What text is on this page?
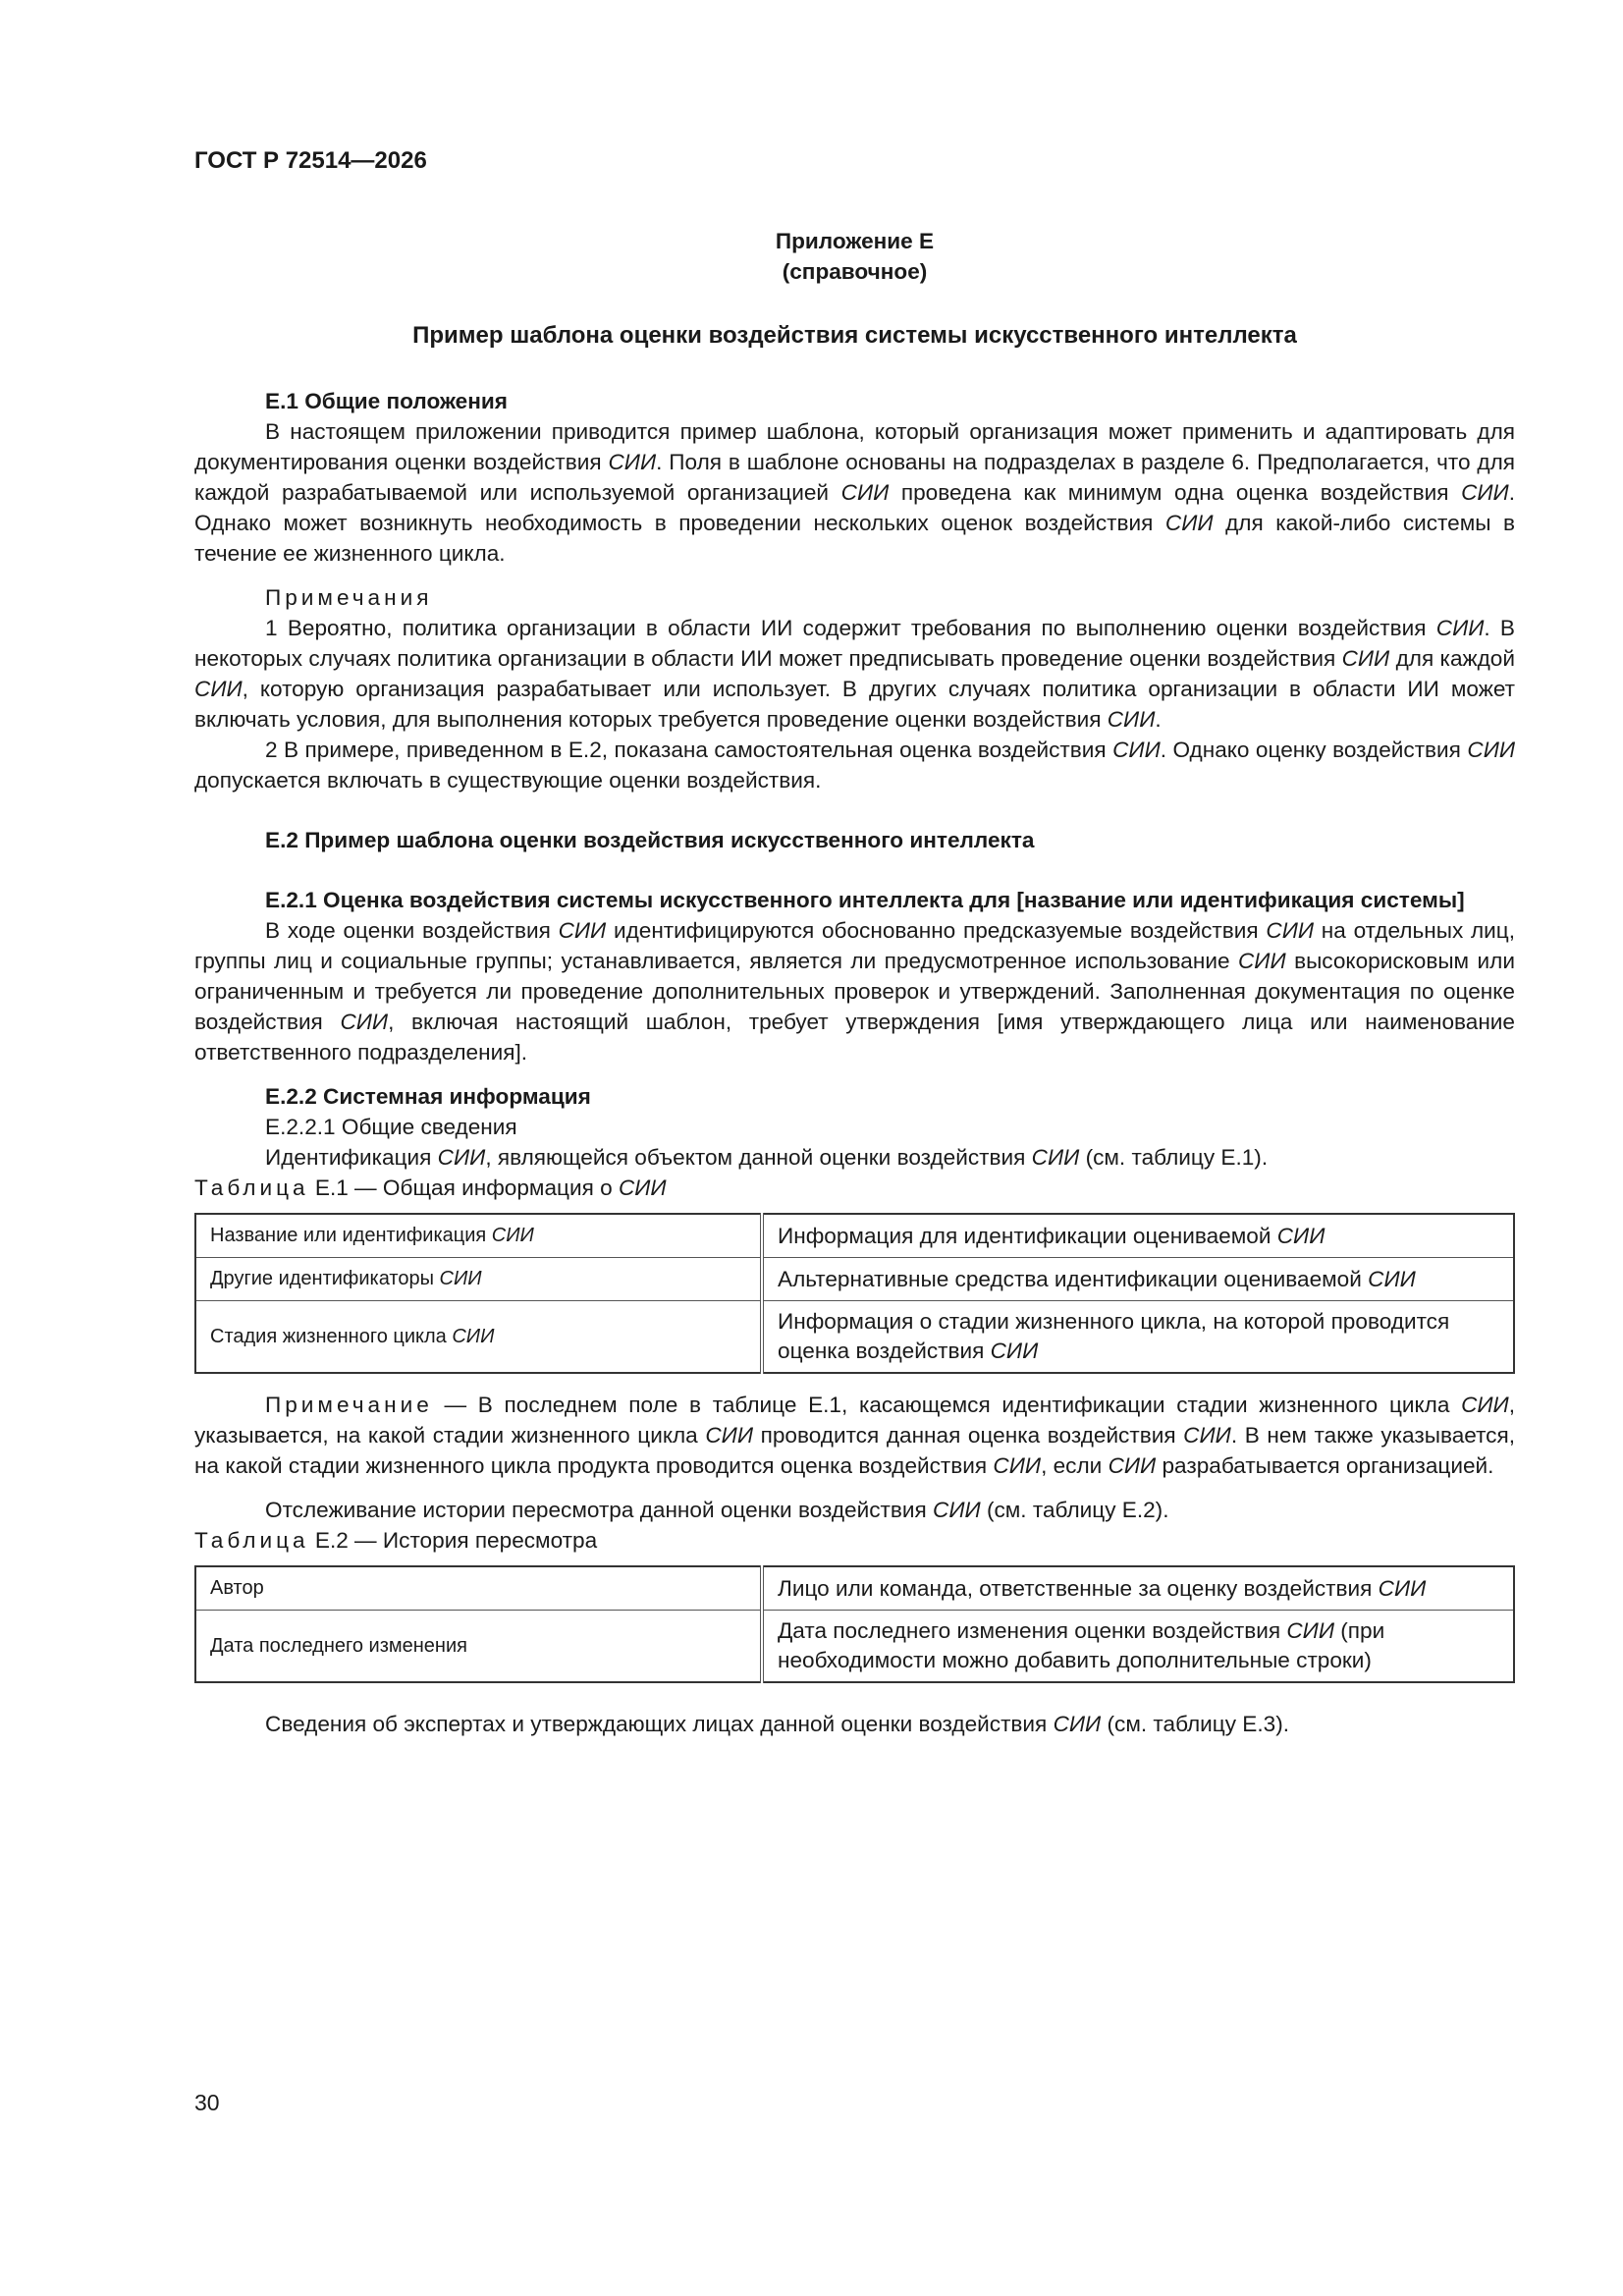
ГОСТ Р 72514—2026

Приложение Е

(справочное)

Пример шаблона оценки воздействия системы искусственного интеллекта

Е.1 Общие положения

В настоящем приложении приводится пример шаблона, который организация может применить и адаптировать для документирования оценки воздействия СИИ. Поля в шаблоне основаны на подразделах в разделе 6. Предполагается, что для каждой разрабатываемой или используемой организацией СИИ проведена как минимум одна оценка воздействия СИИ. Однако может возникнуть необходимость в проведении нескольких оценок воздействия СИИ для какой-либо системы в течение ее жизненного цикла.

Примечания

1 Вероятно, политика организации в области ИИ содержит требования по выполнению оценки воздействия СИИ. В некоторых случаях политика организации в области ИИ может предписывать проведение оценки воздействия СИИ для каждой СИИ, которую организация разрабатывает или использует. В других случаях политика организации в области ИИ может включать условия, для выполнения которых требуется проведение оценки воздействия СИИ.

2 В примере, приведенном в Е.2, показана самостоятельная оценка воздействия СИИ. Однако оценку воздействия СИИ допускается включать в существующие оценки воздействия.

Е.2 Пример шаблона оценки воздействия искусственного интеллекта

Е.2.1 Оценка воздействия системы искусственного интеллекта для [название или идентификация системы]

В ходе оценки воздействия СИИ идентифицируются обоснованно предсказуемые воздействия СИИ на отдельных лиц, группы лиц и социальные группы; устанавливается, является ли предусмотренное использование СИИ высокорисковым или ограниченным и требуется ли проведение дополнительных проверок и утверждений. Заполненная документация по оценке воздействия СИИ, включая настоящий шаблон, требует утверждения [имя утверждающего лица или наименование ответственного подразделения].

Е.2.2 Системная информация

Е.2.2.1 Общие сведения

Идентификация СИИ, являющейся объектом данной оценки воздействия СИИ (см. таблицу Е.1).

Таблица Е.1 — Общая информация о СИИ

Название или идентификация СИИ	Информация для идентификации оцениваемой СИИ
Другие идентификаторы СИИ	Альтернативные средства идентификации оцениваемой СИИ
Стадия жизненного цикла СИИ	Информация о стадии жизненного цикла, на которой проводится оценка воздействия СИИ

Примечание — В последнем поле в таблице Е.1, касающемся идентификации стадии жизненного цикла СИИ, указывается, на какой стадии жизненного цикла СИИ проводится данная оценка воздействия СИИ. В нем также указывается, на какой стадии жизненного цикла продукта проводится оценка воздействия СИИ, если СИИ разрабатывается организацией.

Отслеживание истории пересмотра данной оценки воздействия СИИ (см. таблицу Е.2).

Таблица Е.2 — История пересмотра

Автор	Лицо или команда, ответственные за оценку воздействия СИИ
Дата последнего изменения	Дата последнего изменения оценки воздействия СИИ (при необходимости можно добавить дополнительные строки)

Сведения об экспертах и утверждающих лицах данной оценки воздействия СИИ (см. таблицу Е.3).

30
